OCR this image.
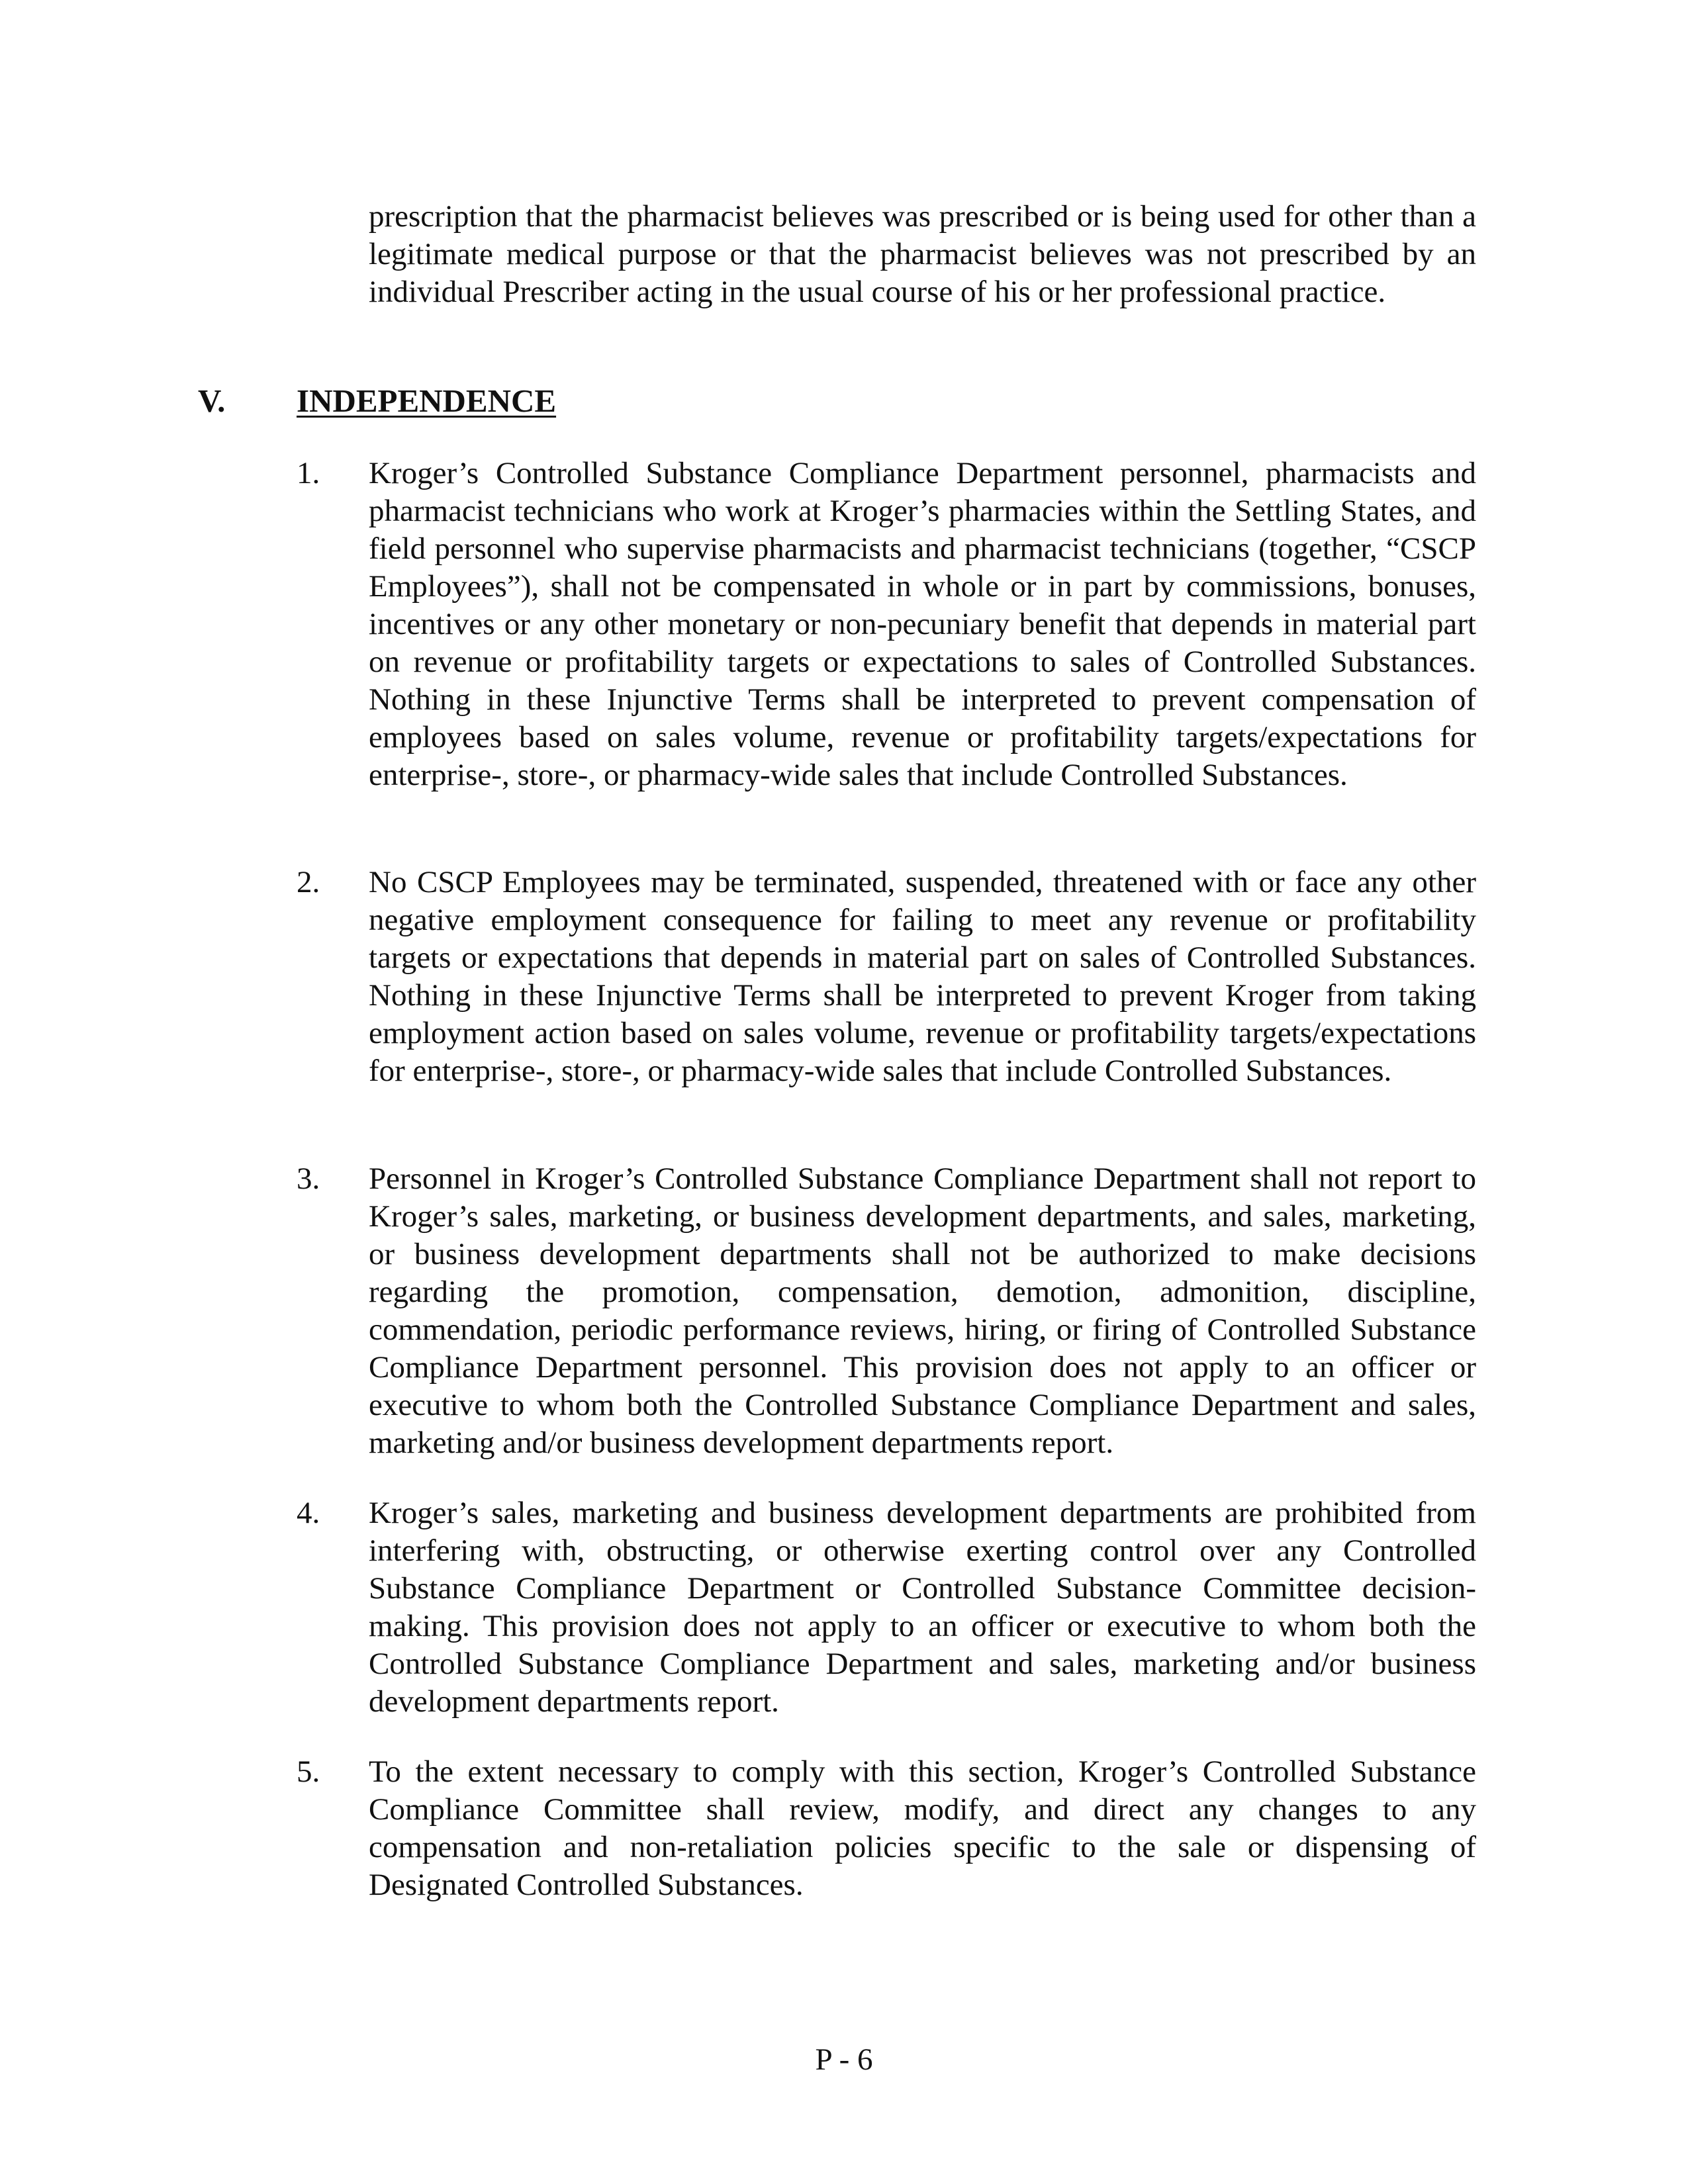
prescription that the pharmacist believes was prescribed or is being used for other than a legitimate medical purpose or that the pharmacist believes was not prescribed by an individual Prescriber acting in the usual course of his or her professional practice.

V. INDEPENDENCE
1. Kroger’s Controlled Substance Compliance Department personnel, pharmacists and pharmacist technicians who work at Kroger’s pharmacies within the Settling States, and field personnel who supervise pharmacists and pharmacist technicians (together, “CSCP Employees”), shall not be compensated in whole or in part by commissions, bonuses, incentives or any other monetary or non-pecuniary benefit that depends in material part on revenue or profitability targets or expectations to sales of Controlled Substances. Nothing in these Injunctive Terms shall be interpreted to prevent compensation of employees based on sales volume, revenue or profitability targets/expectations for enterprise-, store-, or pharmacy-wide sales that include Controlled Substances.

2. No CSCP Employees may be terminated, suspended, threatened with or face any other negative employment consequence for failing to meet any revenue or profitability targets or expectations that depends in material part on sales of Controlled Substances. Nothing in these Injunctive Terms shall be interpreted to prevent Kroger from taking employment action based on sales volume, revenue or profitability targets/expectations for enterprise-, store-, or pharmacy-wide sales that include Controlled Substances.

3. Personnel in Kroger’s Controlled Substance Compliance Department shall not report to Kroger’s sales, marketing, or business development departments, and sales, marketing, or business development departments shall not be authorized to make decisions regarding the promotion, compensation, demotion, admonition, discipline, commendation, periodic performance reviews, hiring, or firing of Controlled Substance Compliance Department personnel. This provision does not apply to an officer or executive to whom both the Controlled Substance Compliance Department and sales, marketing and/or business development departments report.

4. Kroger’s sales, marketing and business development departments are prohibited from interfering with, obstructing, or otherwise exerting control over any Controlled Substance Compliance Department or Controlled Substance Committee decision-making. This provision does not apply to an officer or executive to whom both the Controlled Substance Compliance Department and sales, marketing and/or business development departments report.

5. To the extent necessary to comply with this section, Kroger’s Controlled Substance Compliance Committee shall review, modify, and direct any changes to any compensation and non-retaliation policies specific to the sale or dispensing of Designated Controlled Substances.

P - 6
